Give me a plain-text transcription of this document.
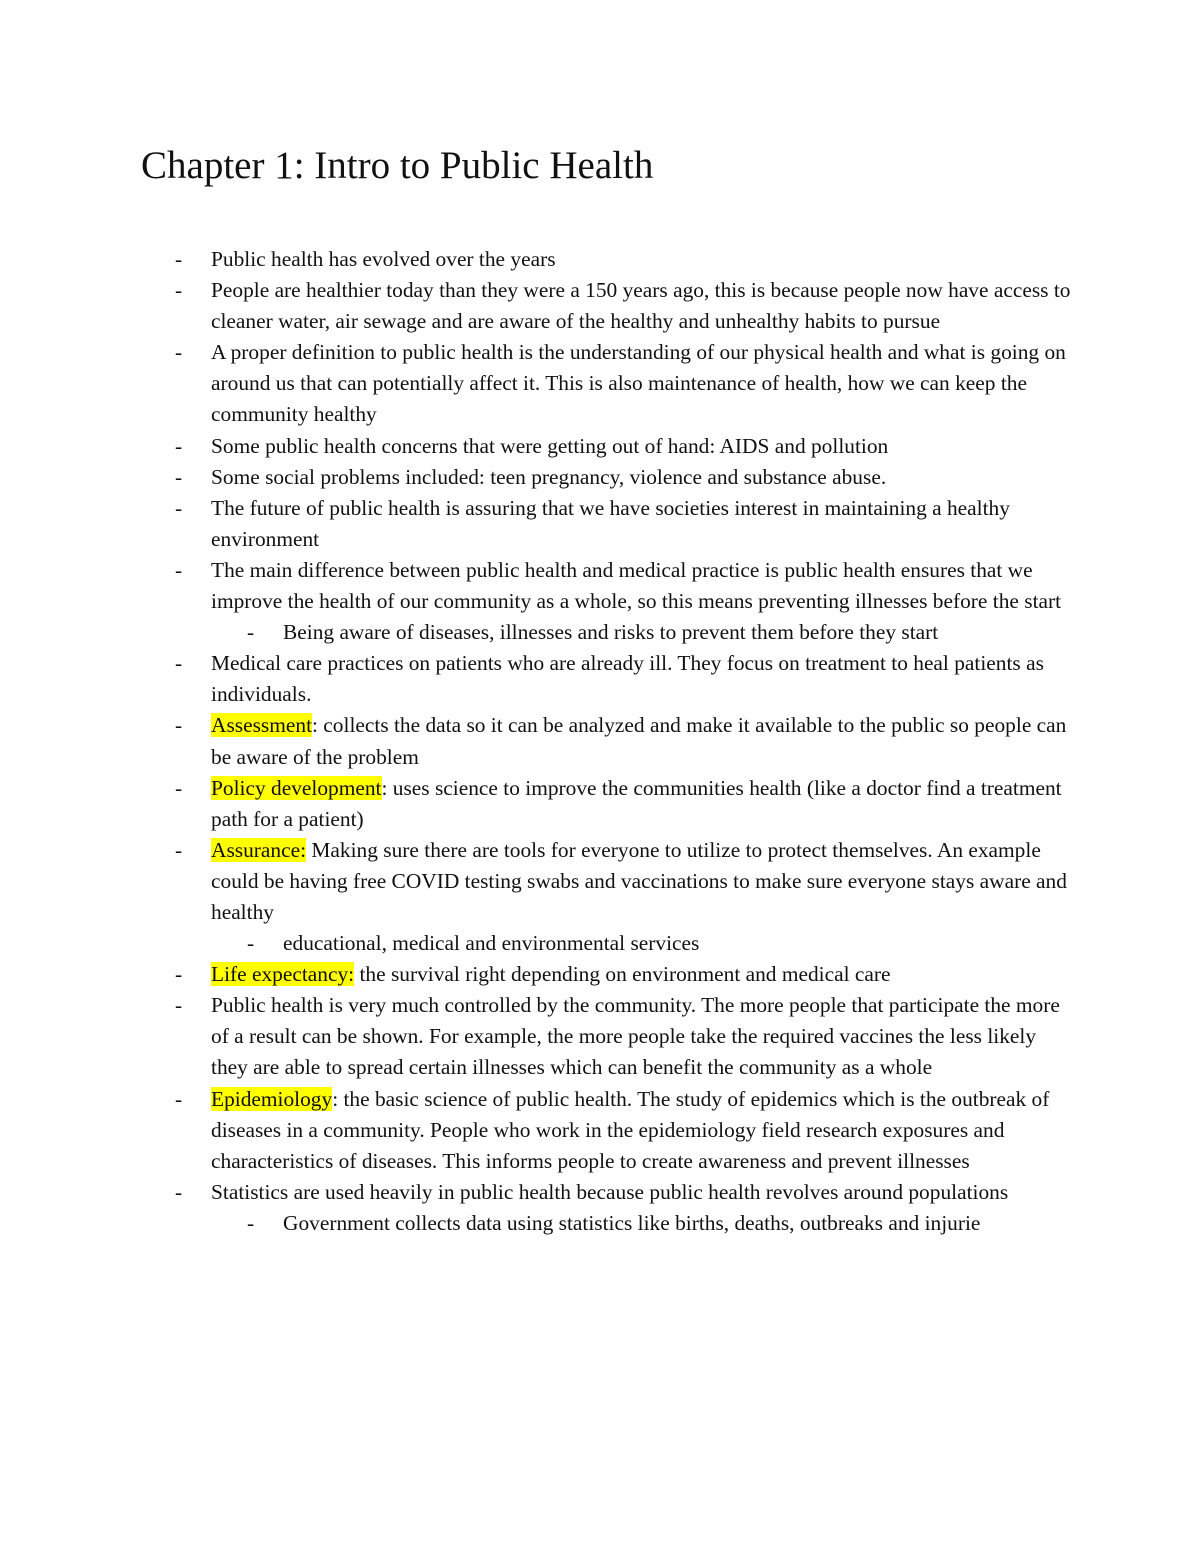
Chapter 1: Intro to Public Health
- Public health has evolved over the years
- People are healthier today than they were a 150 years ago, this is because people now have access to cleaner water, air sewage and are aware of the healthy and unhealthy habits to pursue
- A proper definition to public health is the understanding of our physical health and what is going on around us that can potentially affect it. This is also maintenance of health, how we can keep the community healthy
- Some public health concerns that were getting out of hand: AIDS and pollution
- Some social problems included: teen pregnancy, violence and substance abuse.
- The future of public health is assuring that we have societies interest in maintaining a healthy environment
- The main difference between public health and medical practice is public health ensures that we improve the health of our community as a whole, so this means preventing illnesses before the start
- Being aware of diseases, illnesses and risks to prevent them before they start
- Medical care practices on patients who are already ill. They focus on treatment to heal patients as individuals.
- Assessment: collects the data so it can be analyzed and make it available to the public so people can be aware of the problem
- Policy development: uses science to improve the communities health (like a doctor find a treatment path for a patient)
- Assurance: Making sure there are tools for everyone to utilize to protect themselves. An example could be having free COVID testing swabs and vaccinations to make sure everyone stays aware and healthy
- educational, medical and environmental services
- Life expectancy: the survival right depending on environment and medical care
- Public health is very much controlled by the community. The more people that participate the more of a result can be shown. For example, the more people take the required vaccines the less likely they are able to spread certain illnesses which can benefit the community as a whole
- Epidemiology: the basic science of public health. The study of epidemics which is the outbreak of diseases in a community. People who work in the epidemiology field research exposures and characteristics of diseases. This informs people to create awareness and prevent illnesses
- Statistics are used heavily in public health because public health revolves around populations
- Government collects data using statistics like births, deaths, outbreaks and injurie
